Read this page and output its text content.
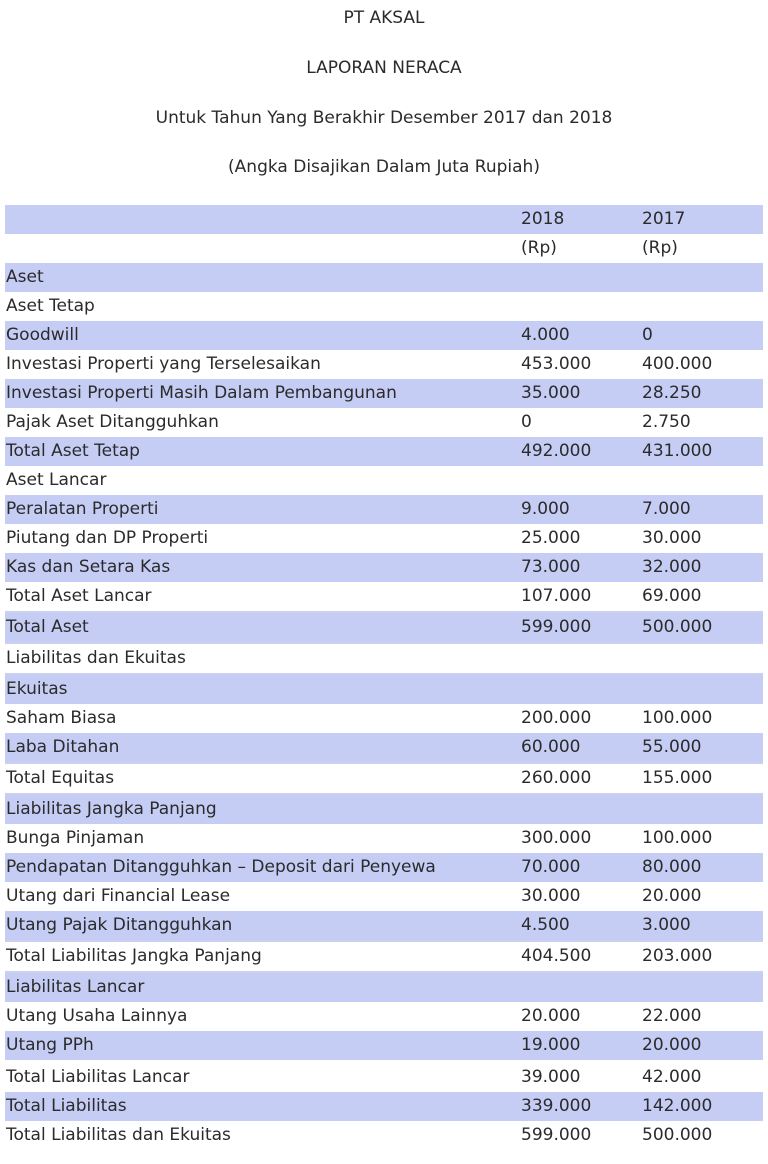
PT AKSAL
LAPORAN NERACA
Untuk Tahun Yang Berakhir Desember 2017 dan 2018
(Angka Disajikan Dalam Juta Rupiah)
	2018	2017
	(Rp)	(Rp)
Aset		
Aset Tetap		
Goodwill	4.000	0
Investasi Properti yang Terselesaikan	453.000	400.000
Investasi Properti Masih Dalam Pembangunan	35.000	28.250
Pajak Aset Ditangguhkan	0	2.750
Total Aset Tetap	492.000	431.000
Aset Lancar		
Peralatan Properti	9.000	7.000
Piutang dan DP Properti	25.000	30.000
Kas dan Setara Kas	73.000	32.000
Total Aset Lancar	107.000	69.000
Total Aset	599.000	500.000
Liabilitas dan Ekuitas		
Ekuitas		
Saham Biasa	200.000	100.000
Laba Ditahan	60.000	55.000
Total Equitas	260.000	155.000
Liabilitas Jangka Panjang		
Bunga Pinjaman	300.000	100.000
Pendapatan Ditangguhkan – Deposit dari Penyewa	70.000	80.000
Utang dari Financial Lease	30.000	20.000
Utang Pajak Ditangguhkan	4.500	3.000
Total Liabilitas Jangka Panjang	404.500	203.000
Liabilitas Lancar		
Utang Usaha Lainnya	20.000	22.000
Utang PPh	19.000	20.000
Total Liabilitas Lancar	39.000	42.000
Total Liabilitas	339.000	142.000
Total Liabilitas dan Ekuitas	599.000	500.000
